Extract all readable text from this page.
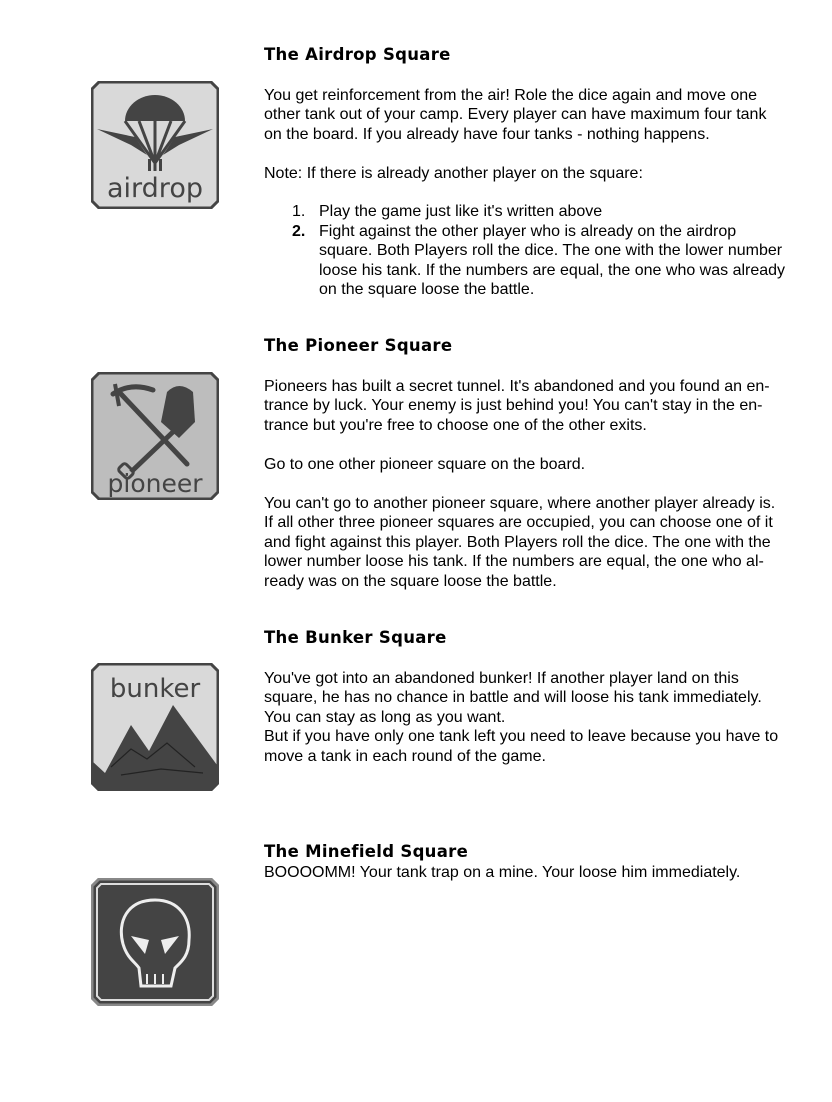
airdrop
The Airdrop Square
You get reinforcement from the air! Role the dice again and move one
other tank out of your camp. Every player can have maximum four tank
on the board. If you already have four tanks - nothing happens.
Note: If there is already another player on the square:
1. Play the game just like it's written above
2. Fight against the other player who is already on the airdrop
square. Both Players roll the dice. The one with the lower number
loose his tank. If the numbers are equal, the one who was already
on the square loose the battle.
pioneer
The Pioneer Square
Pioneers has built a secret tunnel. It's abandoned and you found an en-
trance by luck. Your enemy is just behind you! You can't stay in the en-
trance but you're free to choose one of the other exits.
Go to one other pioneer square on the board.
You can't go to another pioneer square, where another player already is.
If all other three pioneer squares are occupied, you can choose one of it
and fight against this player. Both Players roll the dice. The one with the
lower number loose his tank. If the numbers are equal, the one who al-
ready was on the square loose the battle.
bunker
The Bunker Square
You've got into an abandoned bunker! If another player land on this
square, he has no chance in battle and will loose his tank immediately.
You can stay as long as you want.
But if you have only one tank left you need to leave because you have to
move a tank in each round of the game.
The Minefield Square
BOOOOMM! Your tank trap on a mine. Your loose him immediately.
